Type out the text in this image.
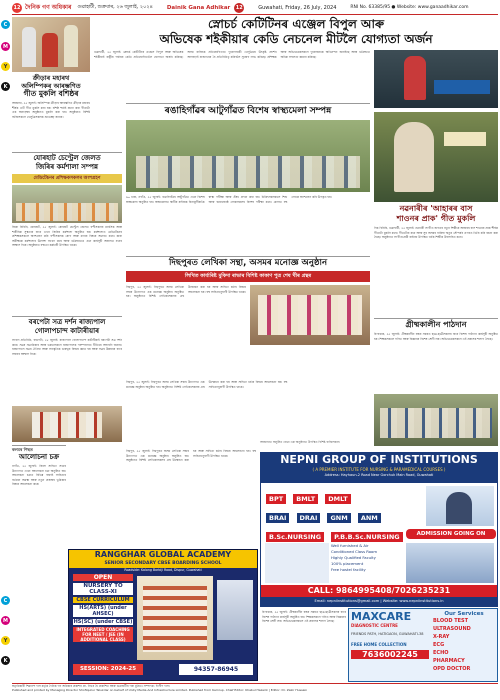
C
M
Y
K
C
M
Y
K
12 দৈনিক গণ অধিকাৰ গুৱাহাটী, শুক্ৰবাৰ, ২৬ জুলাই, ২০২৪	Dainik Gana Adhikar	12	Guwahati, Friday, 26 July, 2024	RNI No. 63385/95 ● Website: www.ganaadhikar.com
ক্ৰীড়াৰ মহাৰথ
অলিম্পিকৰ আৰম্ভণিত
গীত মুকলি বশিষ্ঠৰ
আজাৰা, ২৫ জুলাই: অলিম্পিক ক্ৰীড়াৰ আৰম্ভণিত ক্ৰীড়াৰ মহাৰথ শীৰ্ষক এটি গীত মুকলি কৰা হয়। বশিষ্ঠ শৰ্মাই ৰচনা কৰা গীতটো এক অনাড়ম্বৰ অনুষ্ঠানত মুকলি কৰা হয়। অনুষ্ঠানত বিশিষ্ট ব্যক্তিসকলে খেলুৱৈসকলক শুভেচ্ছা জনায়।
যোৰহাট চেণ্ট্ৰেল জেলত
জিৰিৰ কৰ্মশালা সম্পন্ন
মেডিটেচনৰ প্ৰশিক্ষকসকলৰ অংশগ্ৰহণ
জিৰা বিৰিবি, যোৰহাট, ২৫ জুলাই: যোৰহাট চেণ্ট্ৰেল জেলত বন্দীসকলৰ মানসিক আৰু শাৰীৰিক সুস্থতাৰ বাবে এখন জিৰিৰ কৰ্মশালা অনুষ্ঠিত হয়। কৰ্মশালাত মেডিটেচনৰ প্ৰশিক্ষকসকলে অংশগ্ৰহণ কৰি বন্দীসকলক যোগ আৰু ধ্যানৰ বিষয়ে অৱগত কৰে। কাৰা অধীক্ষকে কৰ্মশালাৰ উদ্দেশ্য ব্যাখ্যা কৰে আৰু ভৱিষ্যতেও এনে কাৰ্যসূচী অব্যাহত ৰখাৰ আশ্বাস দিয়ে। অনুষ্ঠানত বহুতো কৰ্মচাৰী উপস্থিত থাকে।
বৰপেটা সত্ৰ দৰ্শন ৰাজ্যপাল
গোলাপচান্দ কাটাৰীয়াৰ
সংবাদ প্ৰতিনিধি, বৰপেটা, ২৫ জুলাই: ৰাজ্যপাল গোলাপচান্দ কাটাৰীয়াই বৰপেটা সত্ৰ দৰ্শন কৰে। সত্ৰৰ সত্ৰাধিকাৰ আৰু ভকতসকলে ৰাজ্যপালক পৰম্পৰাগত ৰীতিৰে আদৰণি জনায়। ৰাজ্যপালে সত্ৰৰ ঐতিহ্য আৰু সাংস্কৃতিক গুৰুত্বৰ বিষয়ে জ্ঞাত হয় আৰু সত্ৰৰ উন্নয়নৰ বাবে সহায়ৰ আশ্বাস দিয়ে।
কলমৰ পিছত
আলোচনা চক্ৰ
নগাঁও, ২৫ জুলাই: জিলা সাহিত্য সভাৰ উদ্যোগত এখন আলোচনা চক্ৰ অনুষ্ঠিত হয়। আলোচনা চক্ৰত বিভিন্ন বক্তাই সাহিত্যৰ বৰ্তমান অৱস্থা আৰু নতুন প্ৰজন্মৰ ভূমিকাৰ বিষয়ে আলোচনা কৰে।
স্নোচৰ্চ কেটিটিনৰ এঞ্জেল বিপুল আৰু
অভিষেক শইকীয়াৰ কেডি নেচনেল মীটলৈ যোগ্যতা অৰ্জন
গুৱাহাটী, ২৫ জুলাই: স্নোচৰ্চ কেটিটিনৰ এঞ্জেল বিপুল আৰু অভিষেক শইকীয়াই ৰাষ্ট্ৰীয় পৰ্যায়ৰ কেডি প্ৰতিযোগিতালৈ যোগ্যতা অৰ্জন কৰিছে। অসম ৰাজ্যিক প্ৰতিযোগিতাত দুয়োগৰাকী খেলুৱৈয়ে উৎকৃষ্ট প্ৰদৰ্শন আগবঢ়াই ৰাজ্যখনৰ হৈ প্ৰতিনিধিত্ব কৰিবলৈ সুযোগ লাভ কৰিছে। প্ৰশিক্ষক আৰু অভিভাৱকসকলে দুয়োজনকে অভিনন্দন জনাইছে আৰু ভৱিষ্যতে অধিক সফলতা কামনা কৰিছে।
ৰঙাহিগাঁৱৰ আটুগাঁৱত বিশেষ স্বাস্থ্যমেলা সম্পন্ন
৯০ ধাৰা, নগাঁও, ২৫ জুলাই: ৰঙাহিগাঁৱৰ আটুগাঁৱত এখন বিশেষ স্বাস্থ্যমেলা অনুষ্ঠিত হয়। স্বাস্থ্যমেলাত স্থানীয় ৰাইজক বিনামূলীয়াকৈ স্বাস্থ্য পৰীক্ষা আৰু ঔষধ প্ৰদান কৰা হয়। চিকিৎসকসকলে শিশু আৰু বয়োজ্যেষ্ঠ লোকসকলৰ বিশেষ পৰীক্ষা কৰে। মেলাত বহু লোকে অংশগ্ৰহণ কৰি উপকৃত হয়।
নৱনাৰীৰ 'আহাৰৰ বাস
শাওনৰ প্ৰাক' গীত মুকলি
দিক বিৰিবি, গুৱাহাটী, ২৫ জুলাই: নৱনাৰী সংগীত জগতৰ নতুন শিল্পীয়ে আহাৰৰ বাস শাওনৰ প্ৰাক শীৰ্ষক গীতটো মুকলি কৰে। গীতটোৰ কথা আৰু সুৰ অসমৰ বাৰিষা ঋতুৰ সৌন্দৰ্যৰ ওপৰত ভিত্তি কৰি ৰচনা কৰা হৈছে। অনুষ্ঠানত সংগীতপ্ৰেমী ৰাইজে উপস্থিত থাকি শিল্পীক উৎসাহিত কৰে।
দিছপুৰত লেখিকা সন্থা, অসমৰ মনোজ্ঞ অনুষ্ঠান
লিখিত কাৰ্য্যৰিষ্ট মুকিদা ৰাভাৰ বিশিষ্ট কাকাণ পুত্ৰ শেষ খীৰ গ্ৰন্থৰ
দিছপুৰ, ২৫ জুলাই: দিছপুৰত অসম লেখিকা সন্থাৰ উদ্যোগত এক মনোজ্ঞ অনুষ্ঠান অনুষ্ঠিত হয়। অনুষ্ঠানত বিশিষ্ট লেখিকাসকলৰ গ্ৰন্থ উন্মোচন কৰা হয় আৰু সাহিত্য চৰ্চাৰ বিষয়ে আলোচনা হয়। বহু সাহিত্যানুৰাগী উপস্থিত থাকে।
দিছপুৰ, ২৫ জুলাই: দিছপুৰত অসম লেখিকা সন্থাৰ উদ্যোগত এক মনোজ্ঞ অনুষ্ঠান অনুষ্ঠিত হয়। অনুষ্ঠানত বিশিষ্ট লেখিকাসকলৰ গ্ৰন্থ উন্মোচন কৰা হয় আৰু সাহিত্য চৰ্চাৰ বিষয়ে আলোচনা হয়। বহু সাহিত্যানুৰাগী উপস্থিত থাকে।
গ্ৰীষ্মকালীন পাঠদান
চিপাঝাৰ, ২৫ জুলাই: গ্ৰীষ্মকালীন বন্ধৰ সময়ত ছাত্ৰ-ছাত্ৰীসকলৰ বাবে বিশেষ পাঠদান কাৰ্যসূচী অনুষ্ঠিত হয়। শিক্ষকসকলে গণিত আৰু বিজ্ঞানৰ বিশেষ শ্ৰেণী লয়। অভিভাৱকসকলে এই প্ৰয়াসক শলাগ লৈছে।
আজাৰাত অনুষ্ঠিত হোৱা এক অনুষ্ঠানত উপস্থিত বিশিষ্ট ব্যক্তিসকল।
NEPNI GROUP OF INSTITUTIONS
( A PREMIER INSTITUTE FOR NURSING & PARAMEDICAL COURSES )
Address: Hayhaun-2 Road Near Gorchuk Main Road, Guwahati
BPT BMLT DMLT
BRAI DRAI GNM ANM
B.Sc.NURSING P.B.B.Sc.NURSING	ADMISSION GOING ON
Well furnished & Air
Conditioned Class Room
Highly Qualified Faculty
100% placement
Free hostel facility
CALL: 9864995408/7026235231
Email: nepniinstitutions@gmail.com | Website: www.nepniinstitutions.in
দিছপুৰ, ২৫ জুলাই: দিছপুৰত অসম লেখিকা সন্থাৰ উদ্যোগত এক মনোজ্ঞ অনুষ্ঠান অনুষ্ঠিত হয়। অনুষ্ঠানত বিশিষ্ট লেখিকাসকলৰ গ্ৰন্থ উন্মোচন কৰা হয় আৰু সাহিত্য চৰ্চাৰ বিষয়ে আলোচনা হয়। বহু সাহিত্যানুৰাগী উপস্থিত থাকে।
RANGGHAR GLOBAL ACADEMY
SENIOR SECONDARY CBSE BOARDING SCHOOL
Roadside: Kalong Borbiji Road, Dispur, Guwahati
OPEN
NURSERY TO CLASS-XI
CBSE CURRICULUM
HS(ARTS) (under AHSEC)
HS(SC) (under CBSE)
INTEGRATED COACHING FOR NEET / JEE (IN ADDITIONAL CLASS)
SESSION: 2024-25	94357-86945
চিপাঝাৰ, ২৫ জুলাই: গ্ৰীষ্মকালীন বন্ধৰ সময়ত ছাত্ৰ-ছাত্ৰীসকলৰ বাবে বিশেষ পাঠদান কাৰ্যসূচী অনুষ্ঠিত হয়। শিক্ষকসকলে গণিত আৰু বিজ্ঞানৰ বিশেষ শ্ৰেণী লয়। অভিভাৱকসকলে এই প্ৰয়াসক শলাগ লৈছে।	MAXCARE
DIAGNOSTIC CENTRE
FRIENDS PATH, HATIGAON, GUWAHATI-38
FREE HOME COLLECTION
7636002245
Our Services
BLOOD TEST
ULTRASOUND
X-RAY
ECG
ECHO
PHARMACY
OPD DOCTOR
স্বত্বাধিকাৰী শিৱানন্দ দাস কৰ্তৃক দৈনিক গণ অধিকাৰ প্ৰকাশন প্ৰা. লিঃৰ হৈ প্ৰকাশিত আৰু গুৱাহাটীৰ পৰা মুদ্ৰিত। সম্পাদক: দিলীপ দাস।
Published and printed by Managing Director Shofiquilur Talukdar on behalf of Unity Media And Infrastructure Limited. Published from Kamrup. Chief Editor: Khabul Hazarik | Editor: Dr. Zakir Hussain
